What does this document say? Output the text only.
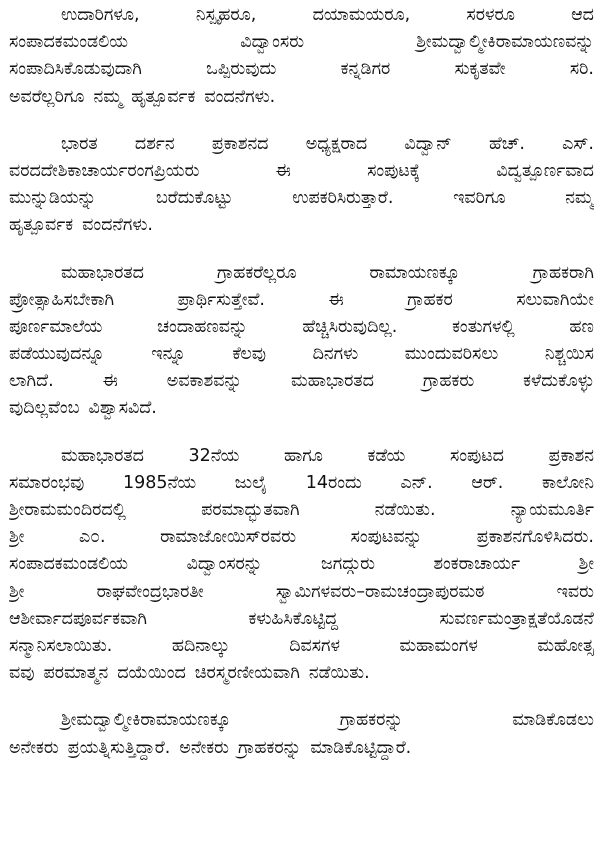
ಉದಾರಿಗಳೂ,	ನಿಸ್ಪೃಹರೂ,	ದಯಾಮಯರೂ,	ಸರಳರೂ	ಆದ
ಸಂಪಾದಕಮಂಡಲಿಯ	ವಿದ್ವಾಂಸರು	ಶ್ರೀಮದ್ವಾಲ್ಮೀಕಿರಾಮಾಯಣವನ್ನು
ಸಂಪಾದಿಸಿಕೊಡುವುದಾಗಿ	ಒಪ್ಪಿರುವುದು	ಕನ್ನಡಿಗರ	ಸುಕೃತವೇ	ಸರಿ.
ಅವರೆಲ್ಲರಿಗೂ ನಮ್ಮ ಹೃತ್ಪೂರ್ವಕ ವಂದನೆಗಳು.
ಭಾರತ ದರ್ಶನ ಪ್ರಕಾಶನದ ಅಧ್ಯಕ್ಷರಾದ ವಿದ್ವಾನ್ ಹೆಚ್. ಎಸ್.
ವರದದೇಶಿಕಾಚಾರ್ಯರಂಗಪ್ರಿಯರು	ಈ	ಸಂಪುಟಕ್ಕೆ	ವಿದ್ವತ್ಪೂರ್ಣವಾದ
ಮುನ್ನುಡಿಯನ್ನು	ಬರೆದುಕೊಟ್ಟು	ಉಪಕರಿಸಿರುತ್ತಾರೆ.	ಇವರಿಗೂ	ನಮ್ಮ
ಹೃತ್ಪೂರ್ವಕ ವಂದನೆಗಳು.
ಮಹಾಭಾರತದ	ಗ್ರಾಹಕರೆಲ್ಲರೂ	ರಾಮಾಯಣಕ್ಕೂ	ಗ್ರಾಹಕರಾಗಿ
ಪ್ರೋತ್ಸಾಹಿಸಬೇಕಾಗಿ	ಪ್ರಾರ್ಥಿಸುತ್ತೇವೆ.	ಈ	ಗ್ರಾಹಕರ	ಸಲುವಾಗಿಯೇ
ಪೂರ್ಣಮಾಲೆಯ	ಚಂದಾಹಣವನ್ನು	ಹೆಚ್ಚಿಸಿರುವುದಿಲ್ಲ.	ಕಂತುಗಳಲ್ಲಿ	ಹಣ
ಪಡೆಯುವುದನ್ನೂ	ಇನ್ನೂ	ಕೆಲವು	ದಿನಗಳು	ಮುಂದುವರಿಸಲು	ನಿಶ್ಚಯಿಸ
ಲಾಗಿದೆ.	ಈ	ಅವಕಾಶವನ್ನು	ಮಹಾಭಾರತದ	ಗ್ರಾಹಕರು	ಕಳೆದುಕೊಳ್ಳು
ವುದಿಲ್ಲವೆಂಬ ವಿಶ್ವಾಸವಿದೆ.
ಮಹಾಭಾರತದ	32ನೆಯ	ಹಾಗೂ	ಕಡೆಯ	ಸಂಪುಟದ	ಪ್ರಕಾಶನ
ಸಮಾರಂಭವು 1985ನೆಯ ಜುಲೈ 14ರಂದು ಎನ್. ಆರ್. ಕಾಲೋನಿ
ಶ್ರೀರಾಮಮಂದಿರದಲ್ಲಿ	ಪರಮಾದ್ಭುತವಾಗಿ	ನಡೆಯಿತು.	ನ್ಯಾಯಮೂರ್ತಿ
ಶ್ರೀ	ಎ೦.	ರಾಮಾಜೋಯಿಸ್‌ರವರು	ಸಂಪುಟವನ್ನು	ಪ್ರಕಾಶನಗೊಳಿಸಿದರು.
ಸಂಪಾದಕಮಂಡಲಿಯ	ವಿದ್ವಾಂಸರನ್ನು	ಜಗದ್ಗುರು	ಶಂಕರಾಚಾರ್ಯ	ಶ್ರೀ
ಶ್ರೀ	ರಾಘವೇಂದ್ರಭಾರತೀ	ಸ್ವಾಮಿಗಳವರು–ರಾಮಚಂದ್ರಾಪುರಮಠ	ಇವರು
ಆಶೀರ್ವಾದಪೂರ್ವಕವಾಗಿ	ಕಳುಹಿಸಿಕೊಟ್ಟಿದ್ದ	ಸುವರ್ಣಮಂತ್ರಾಕ್ಷತೆಯೊಡನೆ
ಸನ್ಮಾನಿಸಲಾಯಿತು.	ಹದಿನಾಲ್ಕು	ದಿವಸಗಳ	ಮಹಾಮಂಗಳ	ಮಹೋತ್ಸ
ವವು ಪರಮಾತ್ಮನ ದಯೆಯಿಂದ ಚಿರಸ್ಮರಣೀಯವಾಗಿ ನಡೆಯಿತು.
ಶ್ರೀಮದ್ವಾಲ್ಮೀಕಿರಾಮಾಯಣಕ್ಕೂ	ಗ್ರಾಹಕರನ್ನು	ಮಾಡಿಕೊಡಲು
ಅನೇಕರು ಪ್ರಯತ್ನಿಸುತ್ತಿದ್ದಾರೆ. ಅನೇಕರು ಗ್ರಾಹಕರನ್ನು ಮಾಡಿಕೊಟ್ಟಿದ್ದಾರೆ.
